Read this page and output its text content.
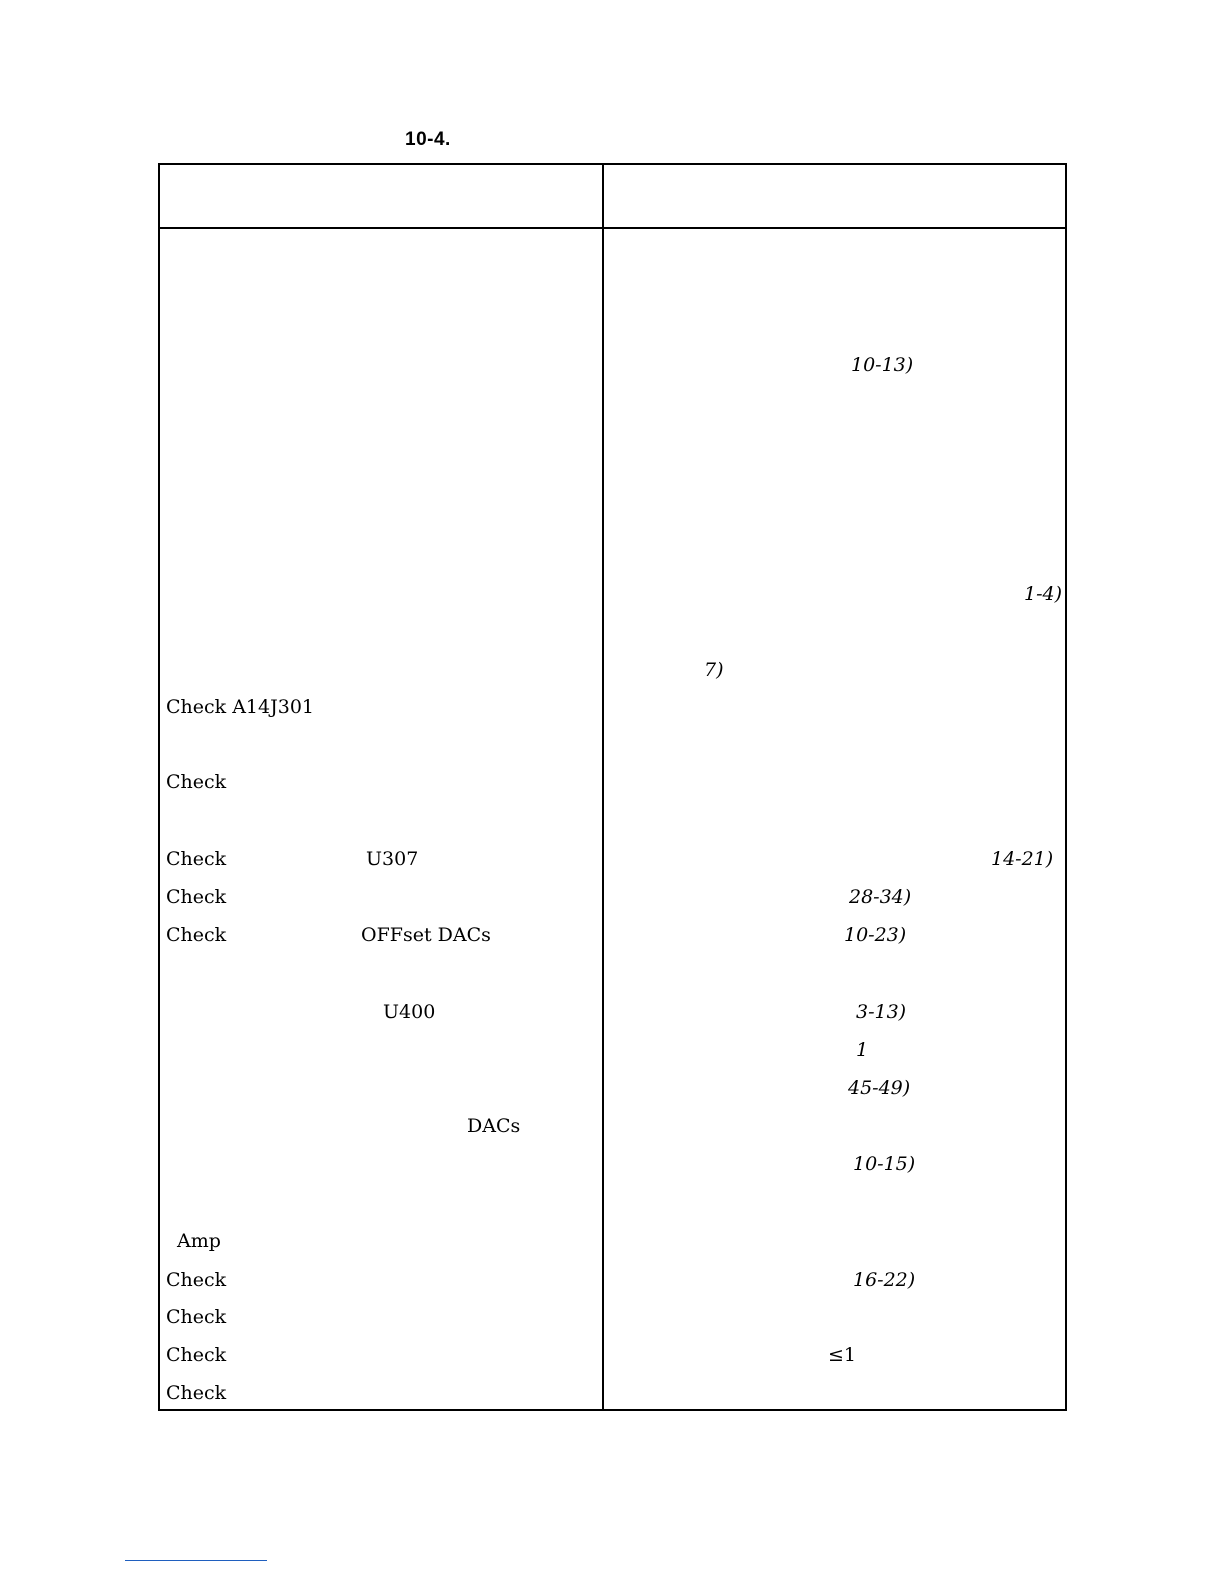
10-4.
Check A14J301
Check
Check	U307
Check
Check	OFFset DACs
U400
DACs
Amp
Check
Check
Check
Check
10-13)
1-4)
7)
14-21)
28-34)
10-23)
3-13)
1
45-49)
10-15)
16-22)
≤1
